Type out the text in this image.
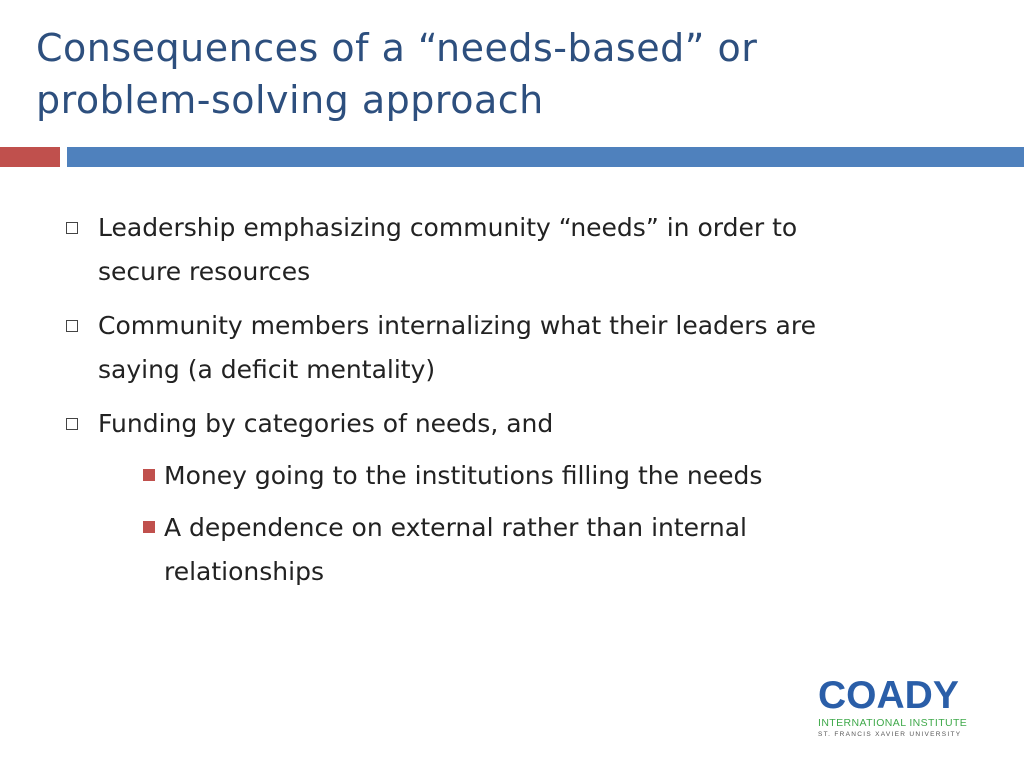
Consequences of a “needs-based” or
problem-solving approach
Leadership emphasizing community “needs” in order to
secure resources
Community members internalizing what their leaders are
saying (a deficit mentality)
Funding by categories of needs, and
Money going to the institutions filling the needs
A dependence on external rather than internal
relationships
COADY
INTERNATIONAL INSTITUTE
ST. FRANCIS XAVIER UNIVERSITY
